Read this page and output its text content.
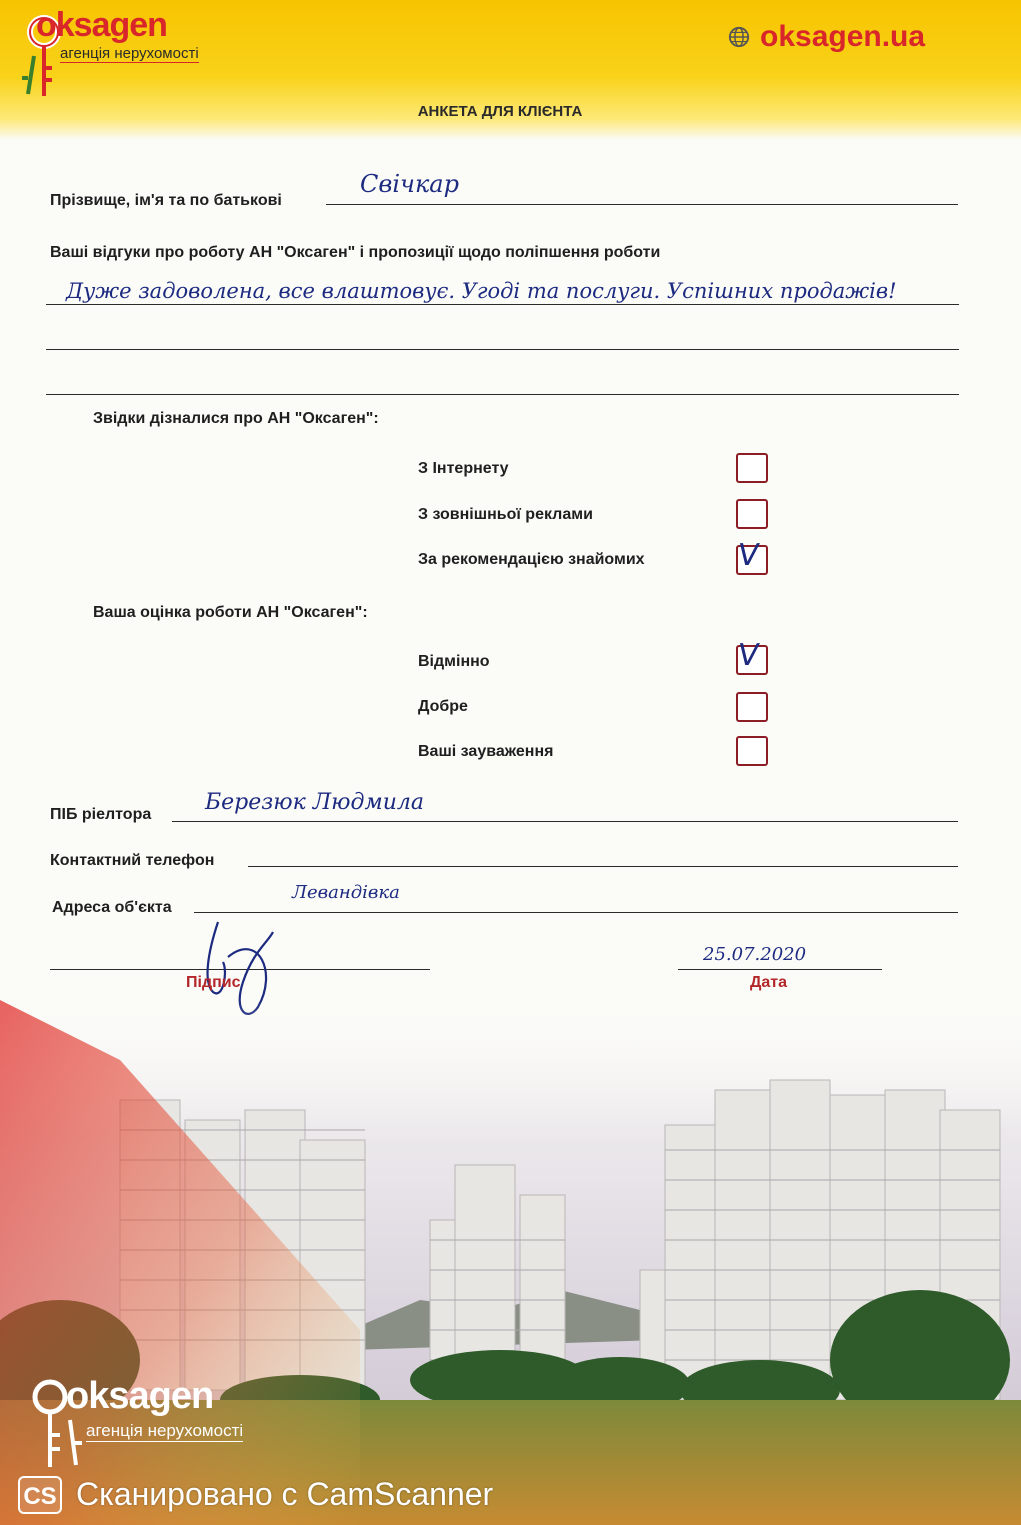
oksagen
агенція нерухомості
oksagen.ua
АНКЕТА ДЛЯ КЛІЄНТА
Прізвище, ім'я та по батькові
Свічкар
Ваші відгуки про роботу АН "Оксаген" і пропозиції щодо поліпшення роботи
Дуже задоволена, все влаштовує. Угоді та послуги. Успішних продажів!
Звідки дізналися про АН "Оксаген":
З Інтернету
З зовнішньої реклами
За рекомендацією знайомих	V
Ваша оцінка роботи АН "Оксаген":
Відмінно	V
Добре
Ваші зауваження
ПІБ ріелтора Березюк Людмила
Контактний телефон
Адреса об'єкта
Левандівка
Підпис
25.07.2020
Дата
oksagen
агенція нерухомості
CS Сканировано с CamScanner
